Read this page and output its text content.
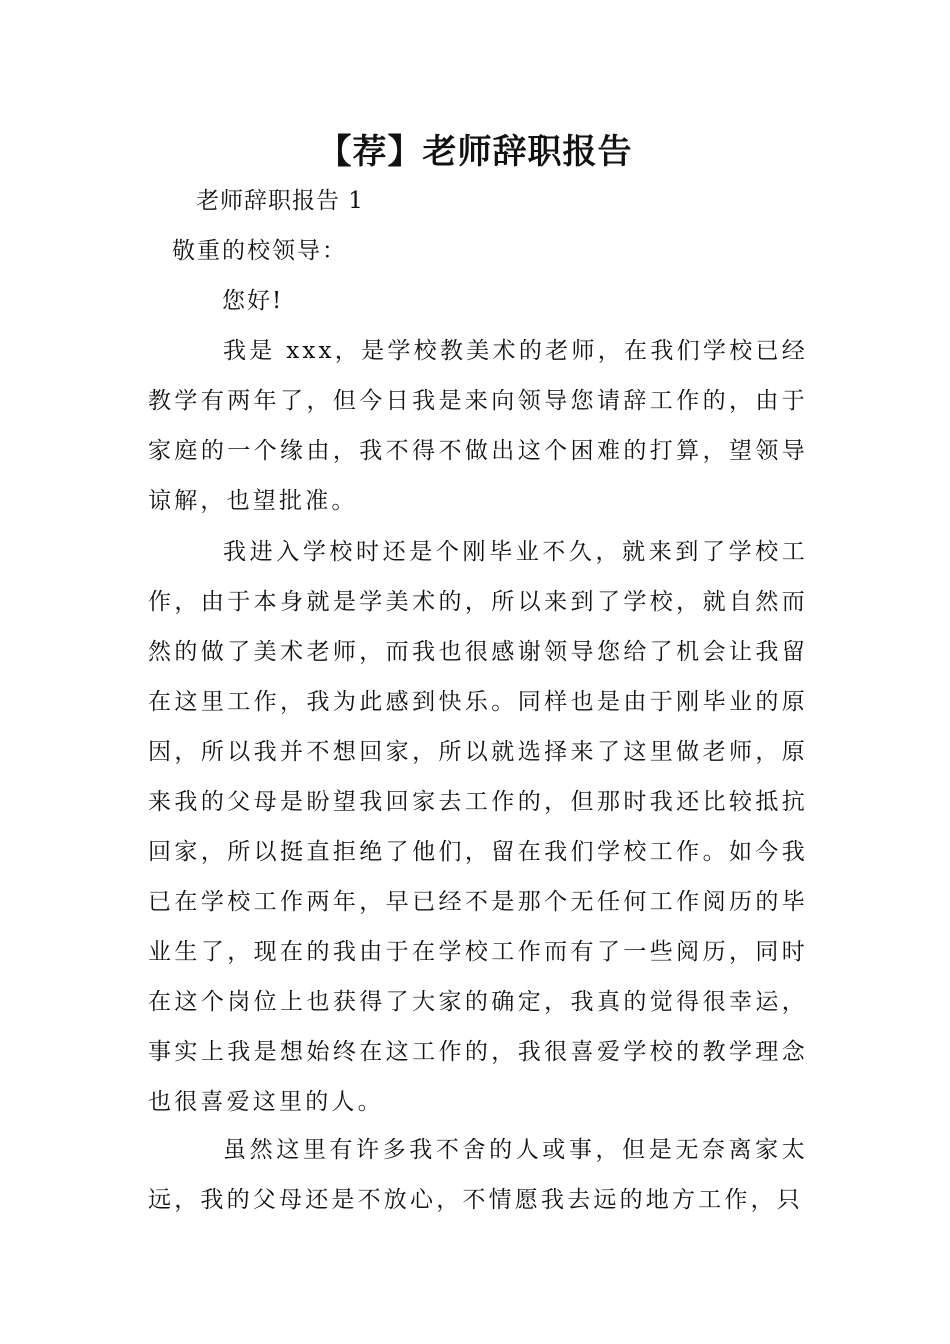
【荐】老师辞职报告

老师辞职报告 1

敬重的校领导：

您好!

我是 xxx，是学校教美术的老师，在我们学校已经教学有两年了，但今日我是来向领导您请辞工作的，由于家庭的一个缘由，我不得不做出这个困难的打算，望领导谅解，也望批准。

我进入学校时还是个刚毕业不久，就来到了学校工作，由于本身就是学美术的，所以来到了学校，就自然而然的做了美术老师，而我也很感谢领导您给了机会让我留在这里工作，我为此感到快乐。同样也是由于刚毕业的原因，所以我并不想回家，所以就选择来了这里做老师，原来我的父母是盼望我回家去工作的，但那时我还比较抵抗回家，所以挺直拒绝了他们，留在我们学校工作。如今我已在学校工作两年，早已经不是那个无任何工作阅历的毕业生了，现在的我由于在学校工作而有了一些阅历，同时在这个岗位上也获得了大家的确定，我真的觉得很幸运，事实上我是想始终在这工作的，我很喜爱学校的教学理念也很喜爱这里的人。

虽然这里有许多我不舍的人或事，但是无奈离家太远，我的父母还是不放心，不情愿我去远的地方工作，只
